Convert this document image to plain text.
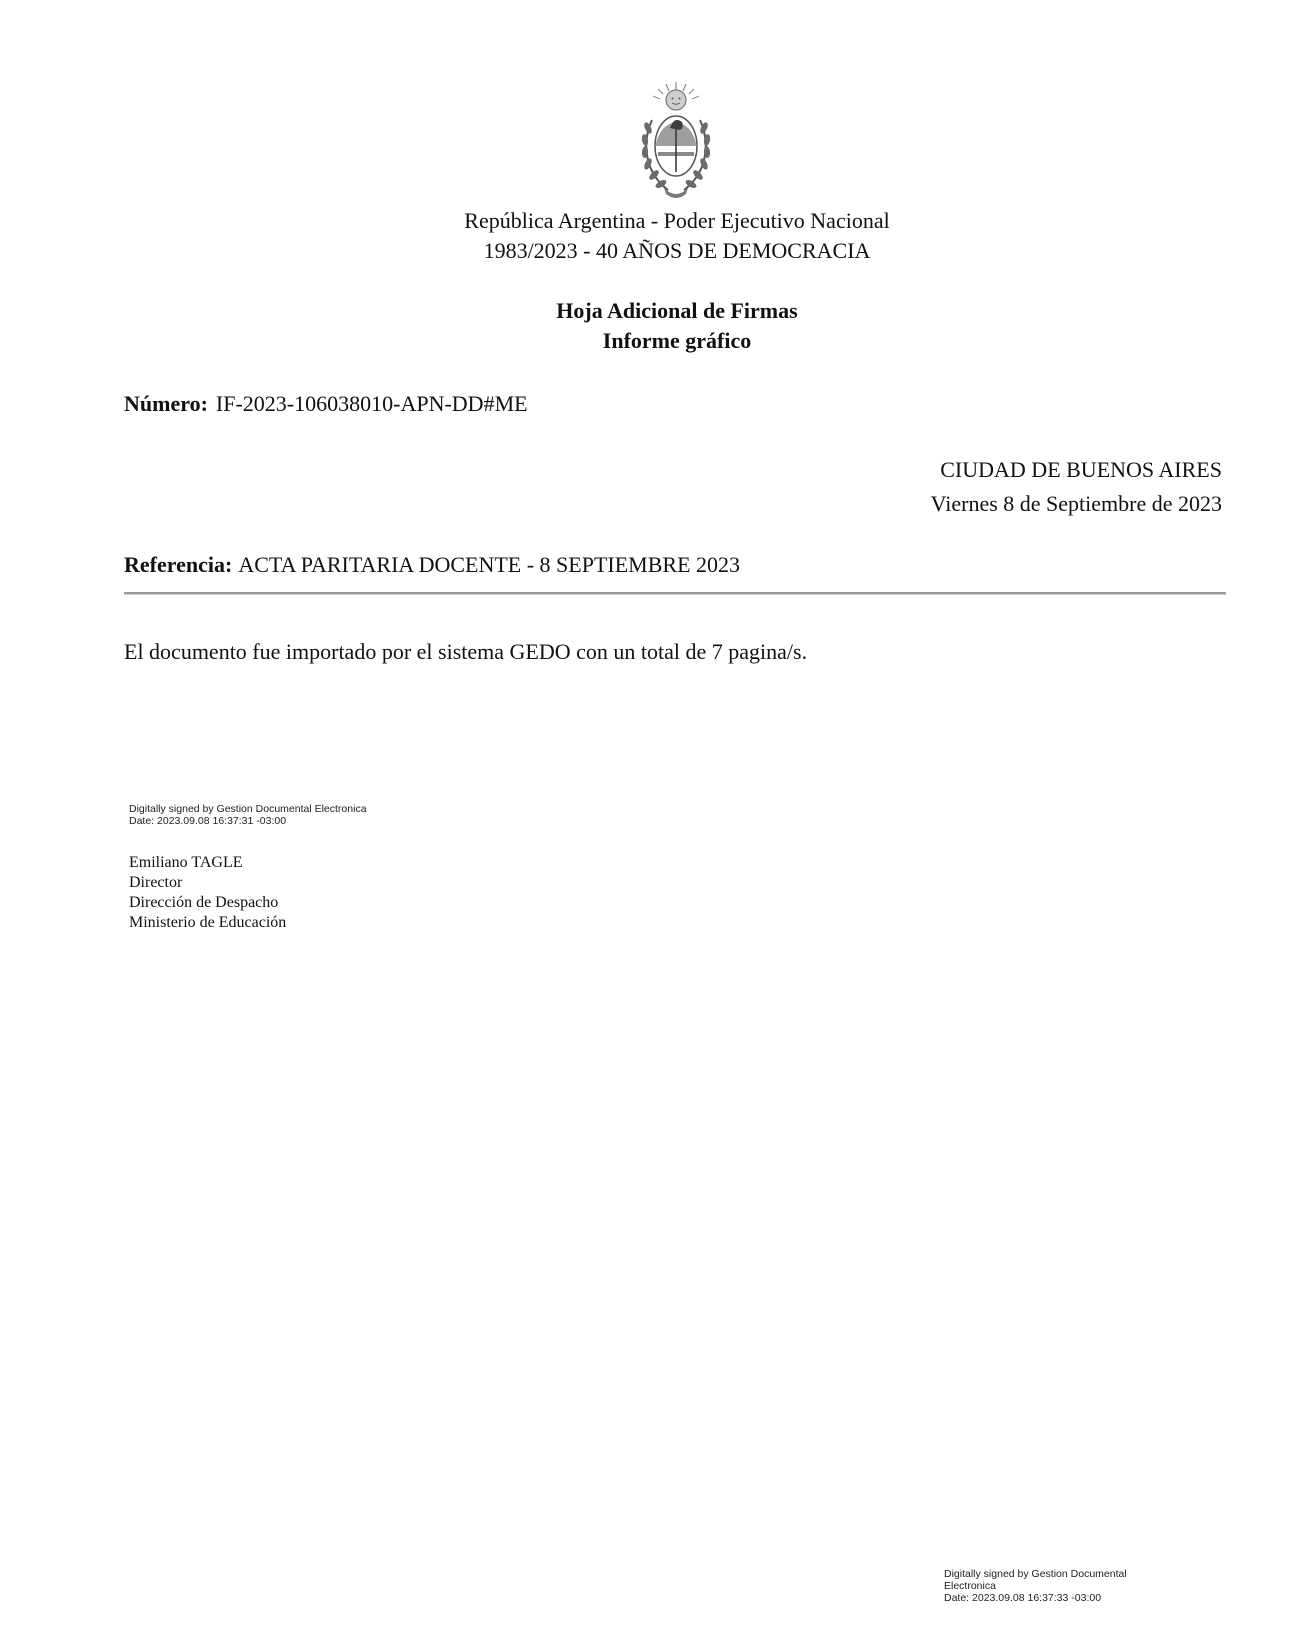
República Argentina - Poder Ejecutivo Nacional
1983/2023 - 40 AÑOS DE DEMOCRACIA
Hoja Adicional de Firmas
Informe gráfico
Número: IF-2023-106038010-APN-DD#ME
CIUDAD DE BUENOS AIRES
Viernes 8 de Septiembre de 2023
Referencia: ACTA PARITARIA DOCENTE - 8 SEPTIEMBRE 2023
El documento fue importado por el sistema GEDO con un total de 7 pagina/s.
Digitally signed by Gestion Documental Electronica
Date: 2023.09.08 16:37:31 -03:00
Emiliano TAGLE
Director
Dirección de Despacho
Ministerio de Educación
Digitally signed by Gestion Documental
Electronica
Date: 2023.09.08 16:37:33 -03:00
